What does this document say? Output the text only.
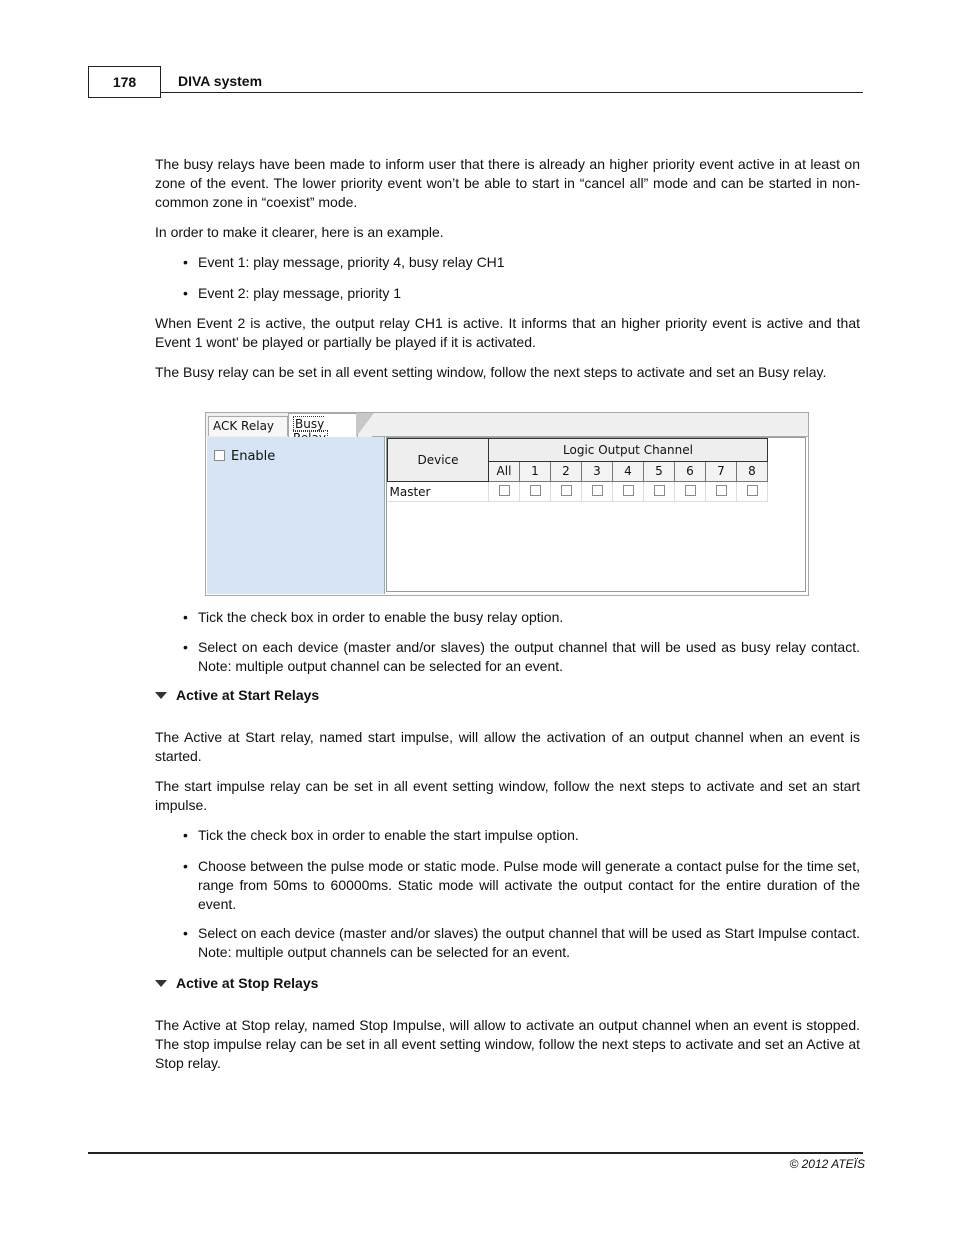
178	DIVA system

The busy relays have been made to inform user that there is already an higher priority event active in at least on zone of the event. The lower priority event won’t be able to start in “cancel all” mode and can be started in non-common zone in “coexist” mode.

In order to make it clearer, here is an example.

• Event 1: play message, priority 4, busy relay CH1
• Event 2: play message, priority 1

When Event 2 is active, the output relay CH1 is active. It informs that an higher priority event is active and that Event 1 wont' be played or partially be played if it is activated.

The Busy relay can be set in all event setting window, follow the next steps to activate and set an Busy relay.

ACK Relay	Busy
Enable	Device	Logic Output Channel								
	All	1	2	3	4	5	6	7	8
Master									
• Tick the check box in order to enable the busy relay option.
• Select on each device (master and/or slaves) the output channel that will be used as busy relay contact. Note: multiple output channel can be selected for an event.
Active at Start Relays

The Active at Start relay, named start impulse, will allow the activation of an output channel when an event is started.

The start impulse relay can be set in all event setting window, follow the next steps to activate and set an start impulse.

• Tick the check box in order to enable the start impulse option.
• Choose between the pulse mode or static mode. Pulse mode will generate a contact pulse for the time set, range from 50ms to 60000ms. Static mode will activate the output contact for the entire duration of the event.
• Select on each device (master and/or slaves) the output channel that will be used as Start Impulse contact. Note: multiple output channels can be selected for an event.
Active at Stop Relays

The Active at Stop relay, named Stop Impulse, will allow to activate an output channel when an event is stopped. The stop impulse relay can be set in all event setting window, follow the next steps to activate and set an Active at Stop relay.

© 2012 ATEÏS
